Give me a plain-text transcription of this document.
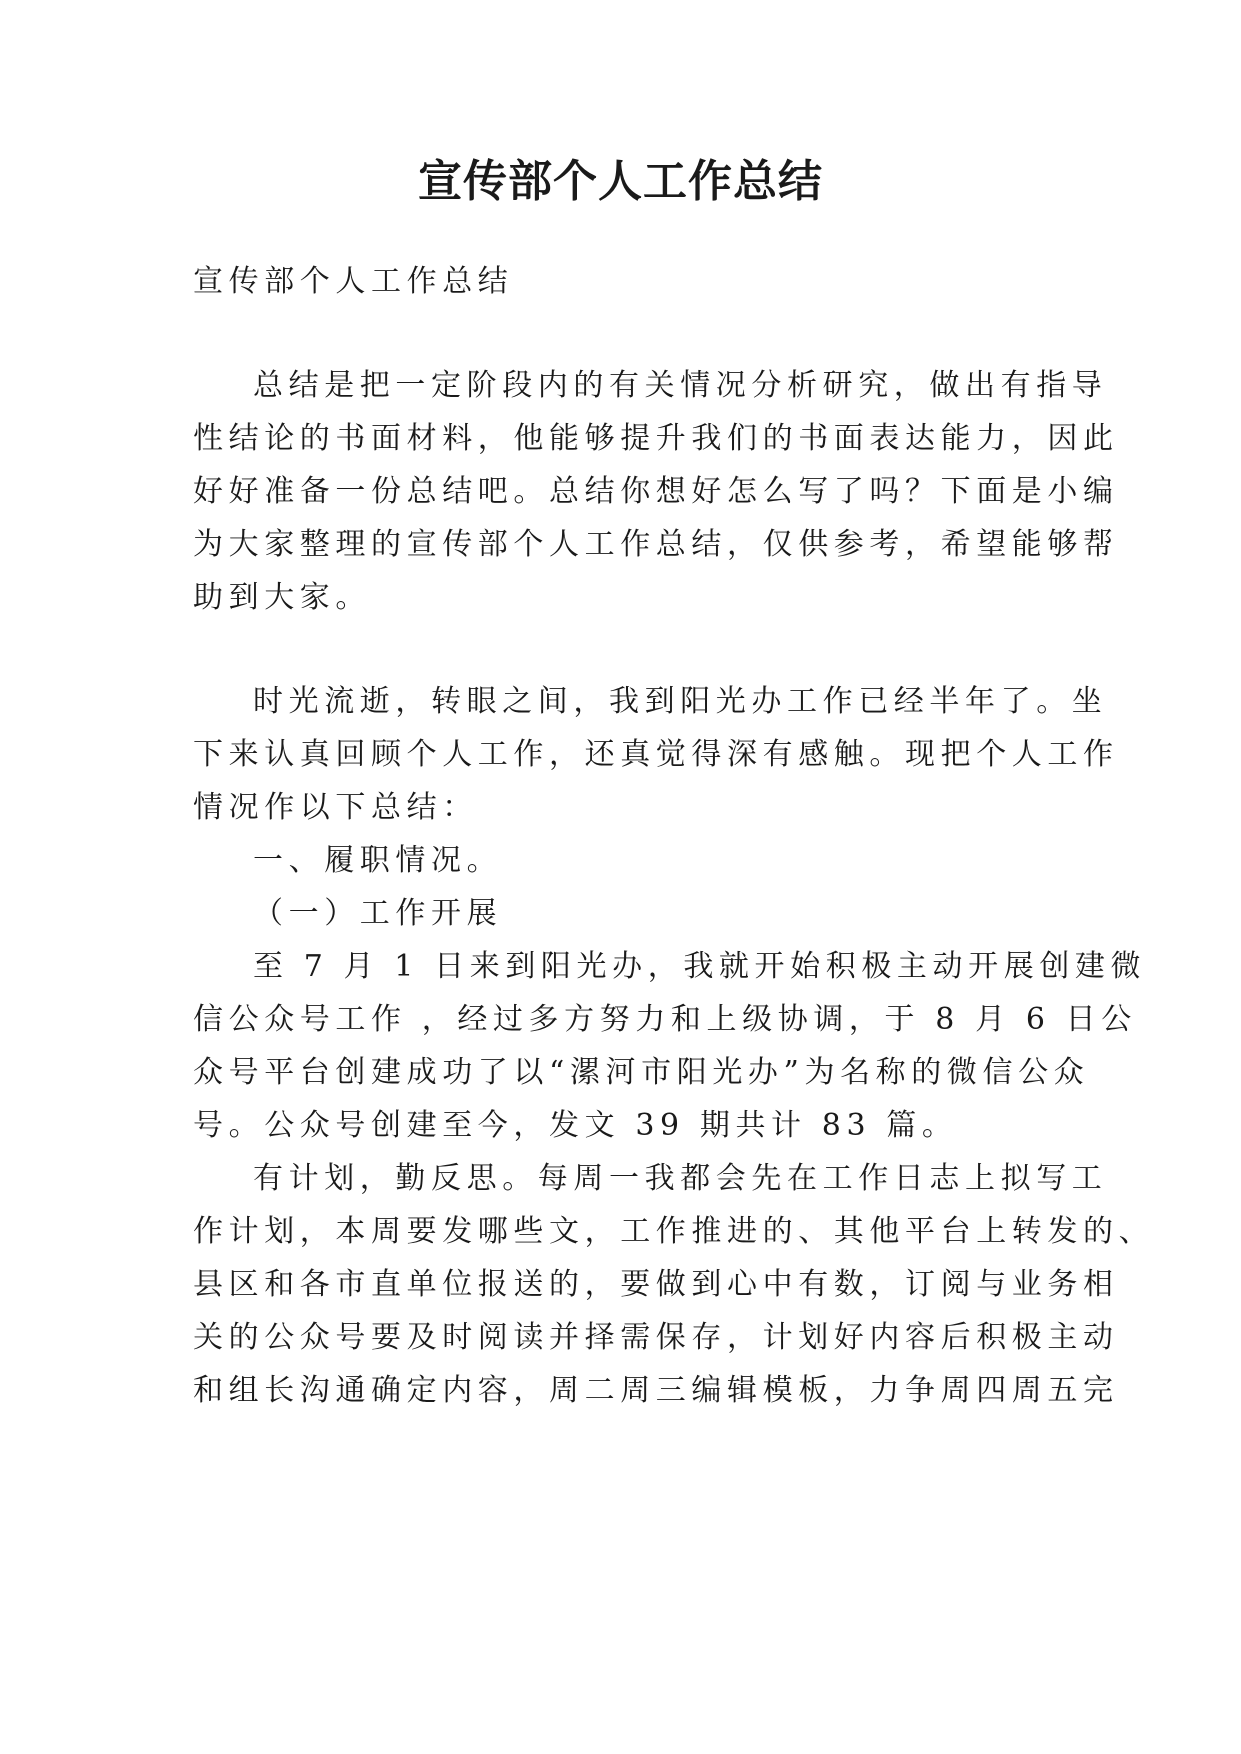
宣传部个人工作总结

宣传部个人工作总结

总结是把一定阶段内的有关情况分析研究，做出有指导

性结论的书面材料，他能够提升我们的书面表达能力，因此

好好准备一份总结吧。总结你想好怎么写了吗？下面是小编

为大家整理的宣传部个人工作总结，仅供参考，希望能够帮

助到大家。

时光流逝，转眼之间，我到阳光办工作已经半年了。坐

下来认真回顾个人工作，还真觉得深有感触。现把个人工作

情况作以下总结：

一、履职情况。

（一）工作开展

至 7 月 1 日来到阳光办，我就开始积极主动开展创建微

信公众号工作 ，经过多方努力和上级协调，于 8 月 6 日公

众号平台创建成功了以“漯河市阳光办”为名称的微信公众

号。公众号创建至今，发文 39 期共计 83 篇。

有计划，勤反思。每周一我都会先在工作日志上拟写工

作计划，本周要发哪些文，工作推进的、其他平台上转发的、

县区和各市直单位报送的，要做到心中有数，订阅与业务相

关的公众号要及时阅读并择需保存，计划好内容后积极主动

和组长沟通确定内容，周二周三编辑模板，力争周四周五完
